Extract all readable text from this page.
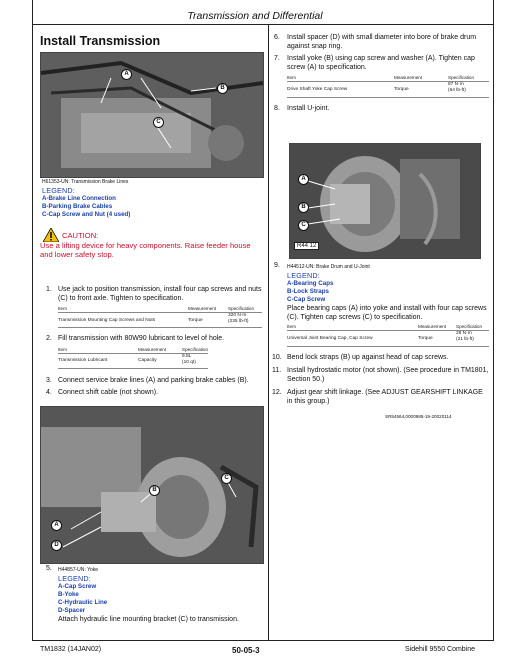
Transmission and Differential
Install Transmission
A
B
C
H61353-UN: Transmission Brake Lines
LEGEND:
A-Brake Line Connection
B-Parking Brake Cables
C-Cap Screw and Nut (4 used)
CAUTION:
Use a lifting device for heavy components. Raise feeder house and lower safety stop.
1. Use jack to position transmission, install four cap screws and nuts (C) to front axle. Tighten to specification.
Item	Measurement	Specification
Transmission Mounting Cap Screws and Nuts	Torque
320 N·m
(235 lb-ft)
2. Fill transmission with 80W90 lubricant to level of hole.
Item	Measurement	Specification
Transmission Lubricant	Capacity
9.8L
(10 qt)
3. Connect service brake lines (A) and parking brake cables (B).
4. Connect shift cable (not shown).
C
B
A
D
5. H44857-UN: Yoke
LEGEND:
A-Cap Screw
B-Yoke
C-Hydraulic Line
D-Spacer
Attach hydraulic line mounting bracket (C) to transmission.
6. Install spacer (D) with small diameter into bore of brake drum against snap ring.
7. Install yoke (B) using cap screw and washer (A). Tighten cap screw (A) to specification.
Item	Measurement	Specification
Drive Shaft Yoke Cap Screw	Torque
87 N·m
(64 lb-ft)
8. Install U-joint.
A
B
C
R44 12
9. H44512-UN: Brake Drum and U-Joint
LEGEND:
A-Bearing Caps
B-Lock Straps
C-Cap Screw
Place bearing caps (A) into yoke and install with four cap screws (C). Tighten cap screws (C) to specification.
Item	Measurement Specification
Universal Joint Bearing Cap, Cap Screw	Torque
28 N·m
(21 lb-ft)
10. Bend lock straps (B) up against head of cap screws.
11. Install hydrostatic motor (not shown). (See procedure in TM1801, Section 50.)
12. Adjust gear shift linkage. (See ADJUST GEARSHIFT LINKAGE in this group.)
SR54564,0000985-19-20020114
TM1832 (14JAN02)	50-05-3	Sidehill 9550 Combine
